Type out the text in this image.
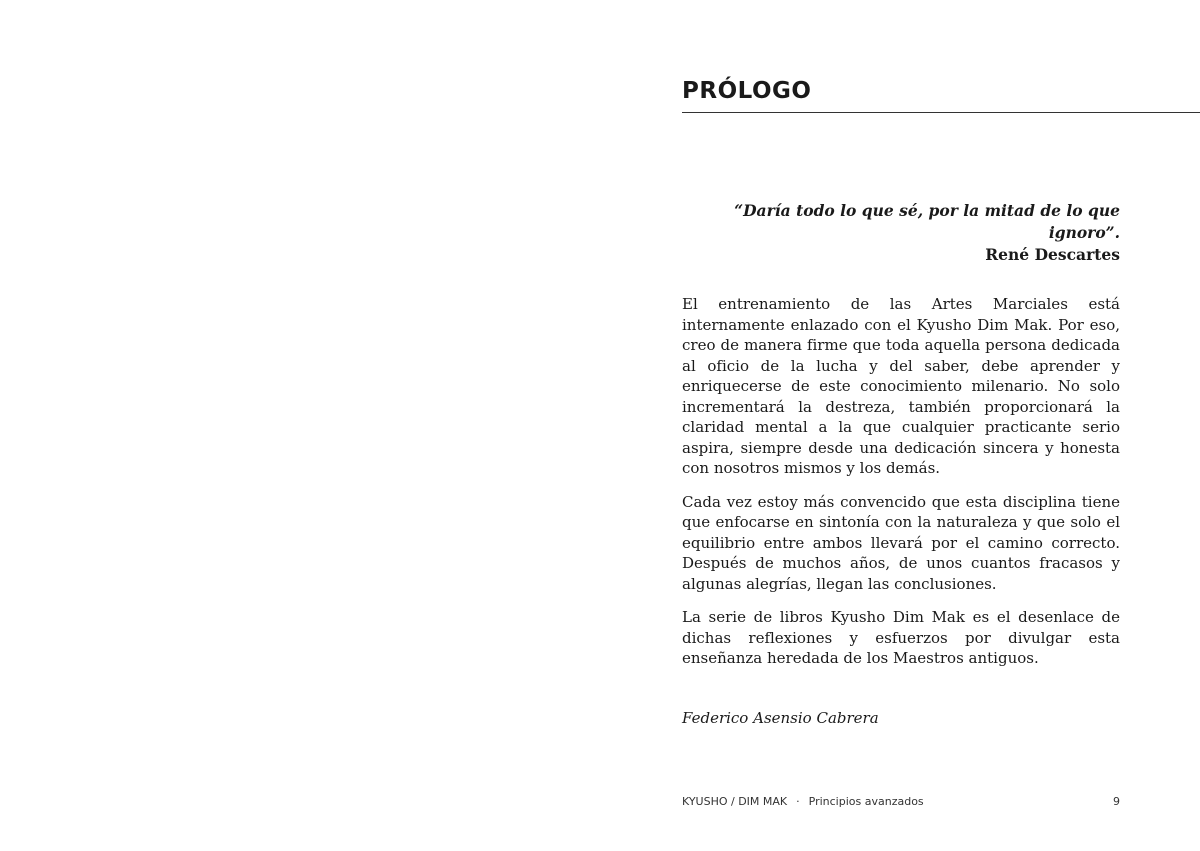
PRÓLOGO
“Daría todo lo que sé, por la mitad de lo que ignoro”.
René Descartes

El entrenamiento de las Artes Marciales está internamente enlazado con el Kyusho Dim Mak. Por eso, creo de manera firme que toda aquella persona dedicada al oficio de la lucha y del saber, debe aprender y enriquecerse de este conocimiento milenario. No solo incrementará la destreza, también proporcionará la claridad mental a la que cualquier practicante serio aspira, siempre desde una dedicación sincera y honesta con nosotros mismos y los demás.

Cada vez estoy más convencido que esta disciplina tiene que enfocarse en sintonía con la naturaleza y que solo el equilibrio entre ambos llevará por el camino correcto. Después de muchos años, de unos cuantos fracasos y algunas alegrías, llegan las conclusiones.

La serie de libros Kyusho Dim Mak es el desenlace de dichas reflexiones y esfuerzos por divulgar esta enseñanza heredada de los Maestros antiguos.

Federico Asensio Cabrera

KYUSHO / DIM MAK · Principios avanzados	9
